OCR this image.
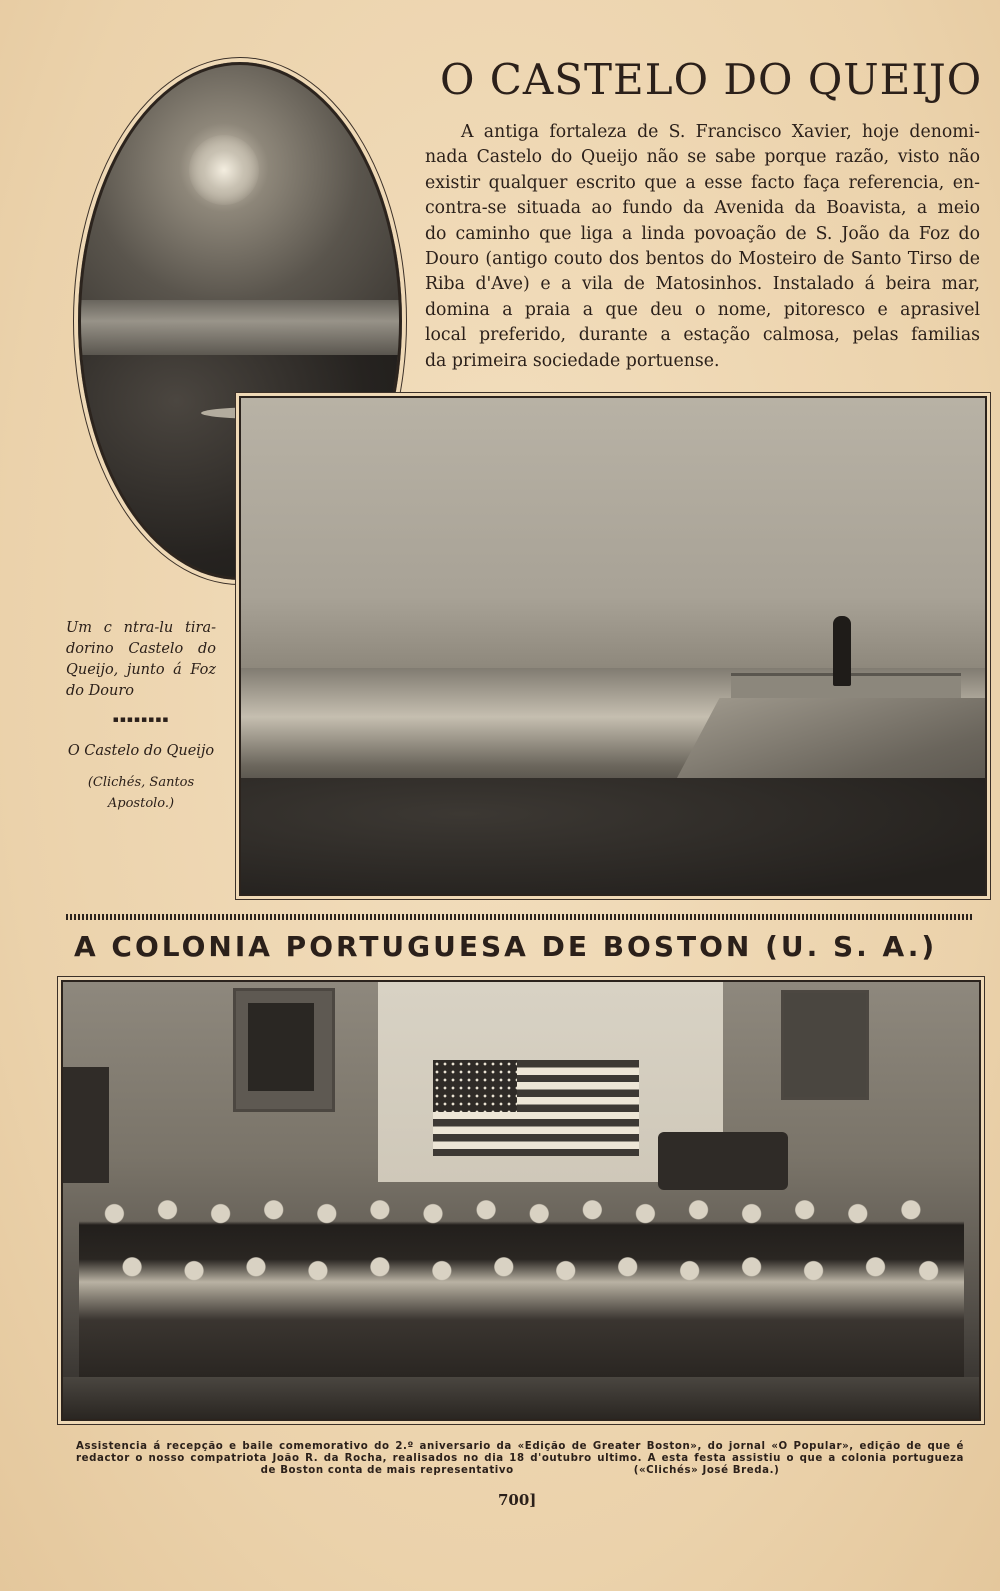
O CASTELO DO QUEIJO
A antiga fortaleza de S. Francisco Xavier, hoje denomi-
nada Castelo do Queijo não se sabe porque razão, visto não
existir qualquer escrito que a esse facto faça referencia, en-
contra-se situada ao fundo da Avenida da Boavista, a meio
do caminho que liga a linda povoação de S. João da Foz do
Douro (antigo couto dos bentos do Mosteiro de Santo Tirso de
Riba d'Ave) e a vila de Matosinhos. Instalado á beira mar,
domina a praia a que deu o nome, pitoresco e aprasivel
local preferido, durante a estação calmosa, pelas familias
da primeira sociedade portuense.
Um c ntra-lu tira- dorino Castelo do Queijo, junto á Foz do Douro
▪▪▪▪▪▪▪▪
O Castelo do Queijo
(Clichés, Santos Apostolo.)
A COLONIA PORTUGUESA DE BOSTON (U. S. A.)
Assistencia á recepção e baile comemorativo do 2.º aniversario da «Edição de Greater Boston», do jornal «O Popular», edição de que é
redactor o nosso compatriota João R. da Rocha, realisados no dia 18 d'outubro ultimo. A esta festa assistiu o que a colonia portugueza
de Boston conta de mais representativo	(«Clichés» José Breda.)
700]
